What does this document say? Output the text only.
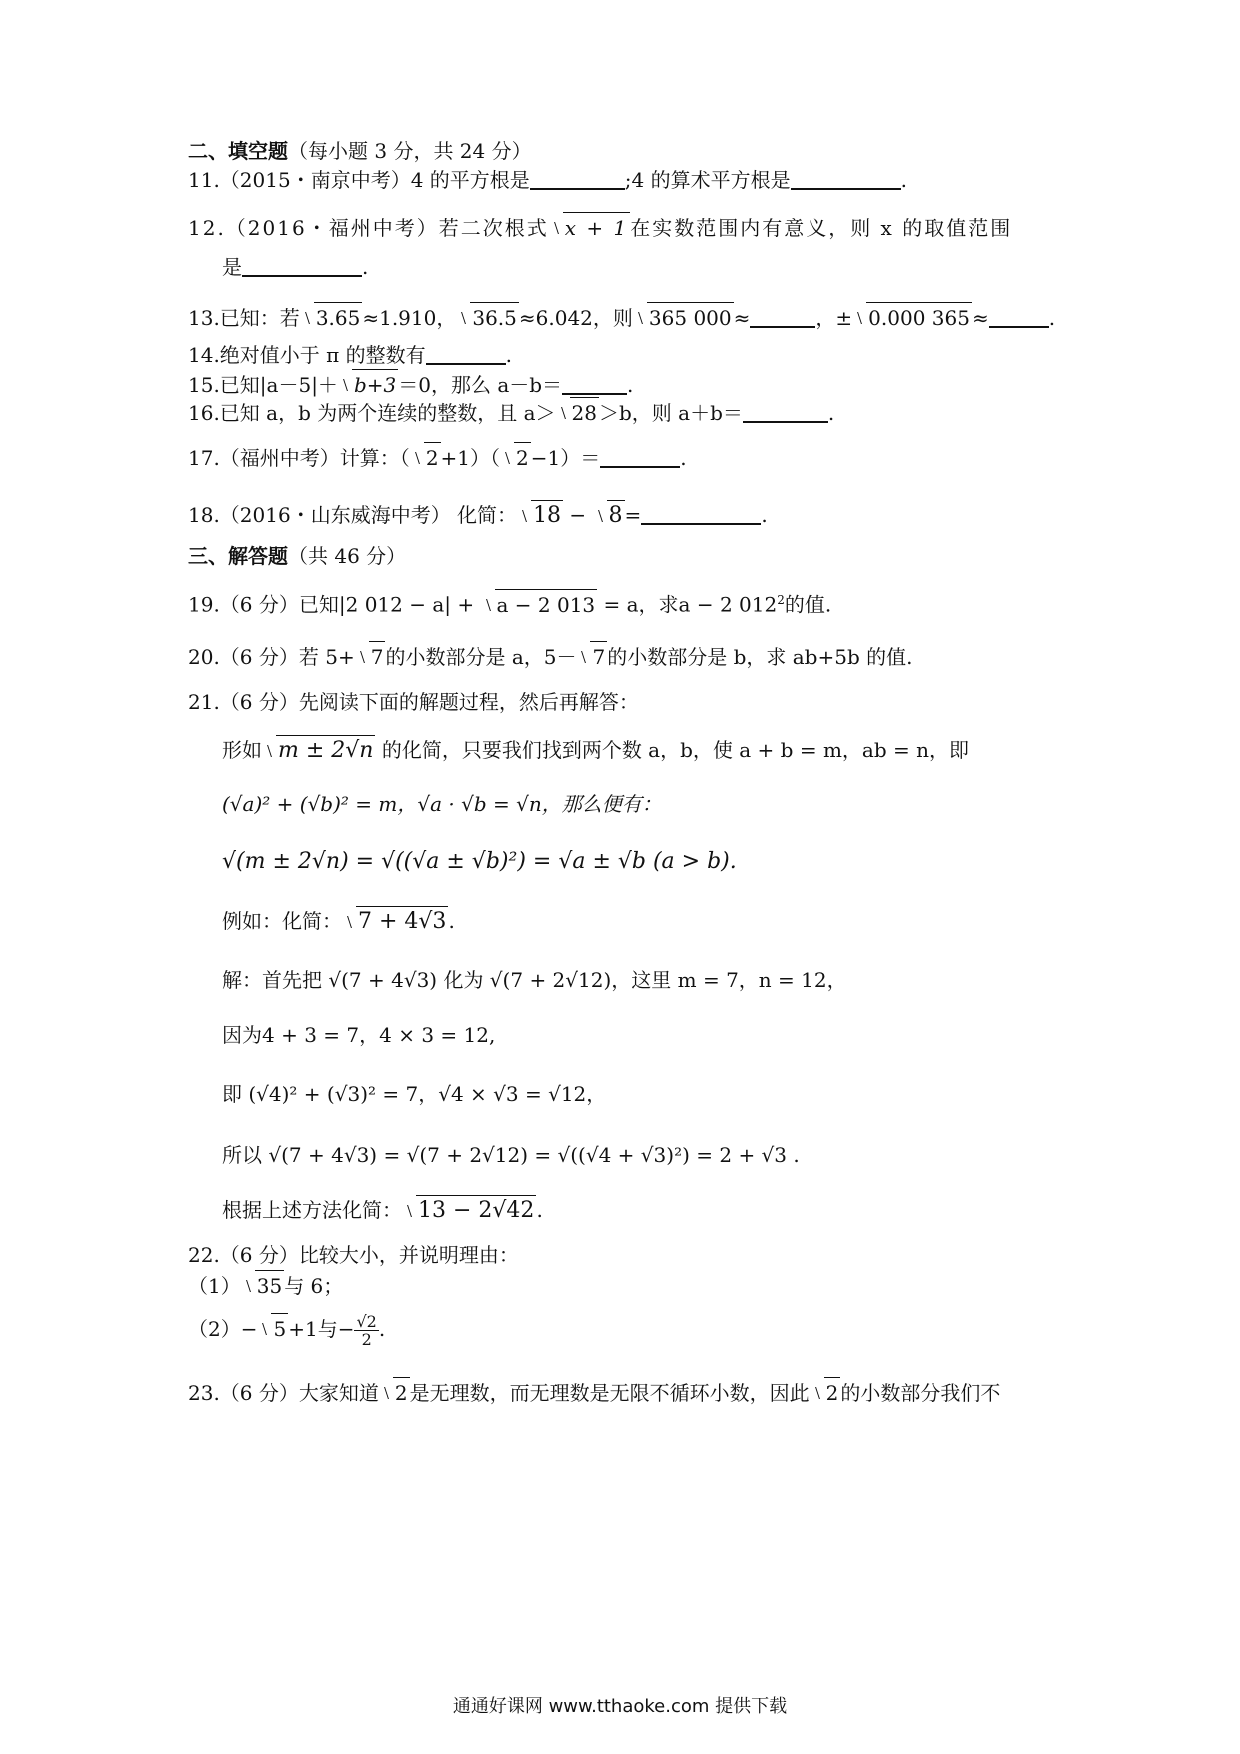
二、填空题（每小题 3 分，共 24 分）
11.（2015・南京中考）4 的平方根是	;4 的算术平方根是	.
12.（2016・福州中考）若二次根式 x + 1 在实数范围内有意义，则 x 的取值范围
是	.
13.已知：若 3.65 ≈1.910， 36.5 ≈6.042，则 365 000 ≈	，± 0.000 365 ≈	.
14.绝对值小于 π 的整数有	.
15.已知|a－5|＋ b+3 ＝0，那么 a－b＝	.
16.已知 a，b 为两个连续的整数，且 a＞ 28 ＞b，则 a＋b＝	.
17.（福州中考）计算：（ 2 +1）（ 2 −1）＝	.
18.（2016・山东威海中考） 化简： 18 − 8 =	.
三、解答题（共 46 分）
19.（6 分）已知|2 012 − a| + a − 2 013 = a，求a − 2 $012^2$的值.
20.（6 分）若 5+ 7 的小数部分是 a，5－ 7 的小数部分是 b，求 ab+5b 的值.
21.（6 分）先阅读下面的解题过程，然后再解答：
形如 m ± 2√n 的化简，只要我们找到两个数 a，b，使 a + b = m，ab = n，即
(√a)² + (√b)² = m，√a · √b = √n，那么便有：
√(m ± 2√n) = √((√a ± √b)²) = √a ± √b (a > b).
例如：化简： 7 + 4√3 .
解：首先把 √(7 + 4√3) 化为 √(7 + 2√12)，这里 m = 7，n = 12，
因为4 + 3 = 7，4 × 3 = 12,
即 (√4)² + (√3)² = 7，√4 × √3 = √12，
所以 √(7 + 4√3) = √(7 + 2√12) = √((√4 + √3)²) = 2 + √3 .
根据上述方法化简： 13 − 2√42 .
22.（6 分）比较大小，并说明理由：
（1） 35 与 6；
（2）− 5 +1与− $\frac{√2}{2}$ .
23.（6 分）大家知道 2 是无理数，而无理数是无限不循环小数，因此 2 的小数部分我们不
通通好课网 www.tthaoke.com 提供下载
